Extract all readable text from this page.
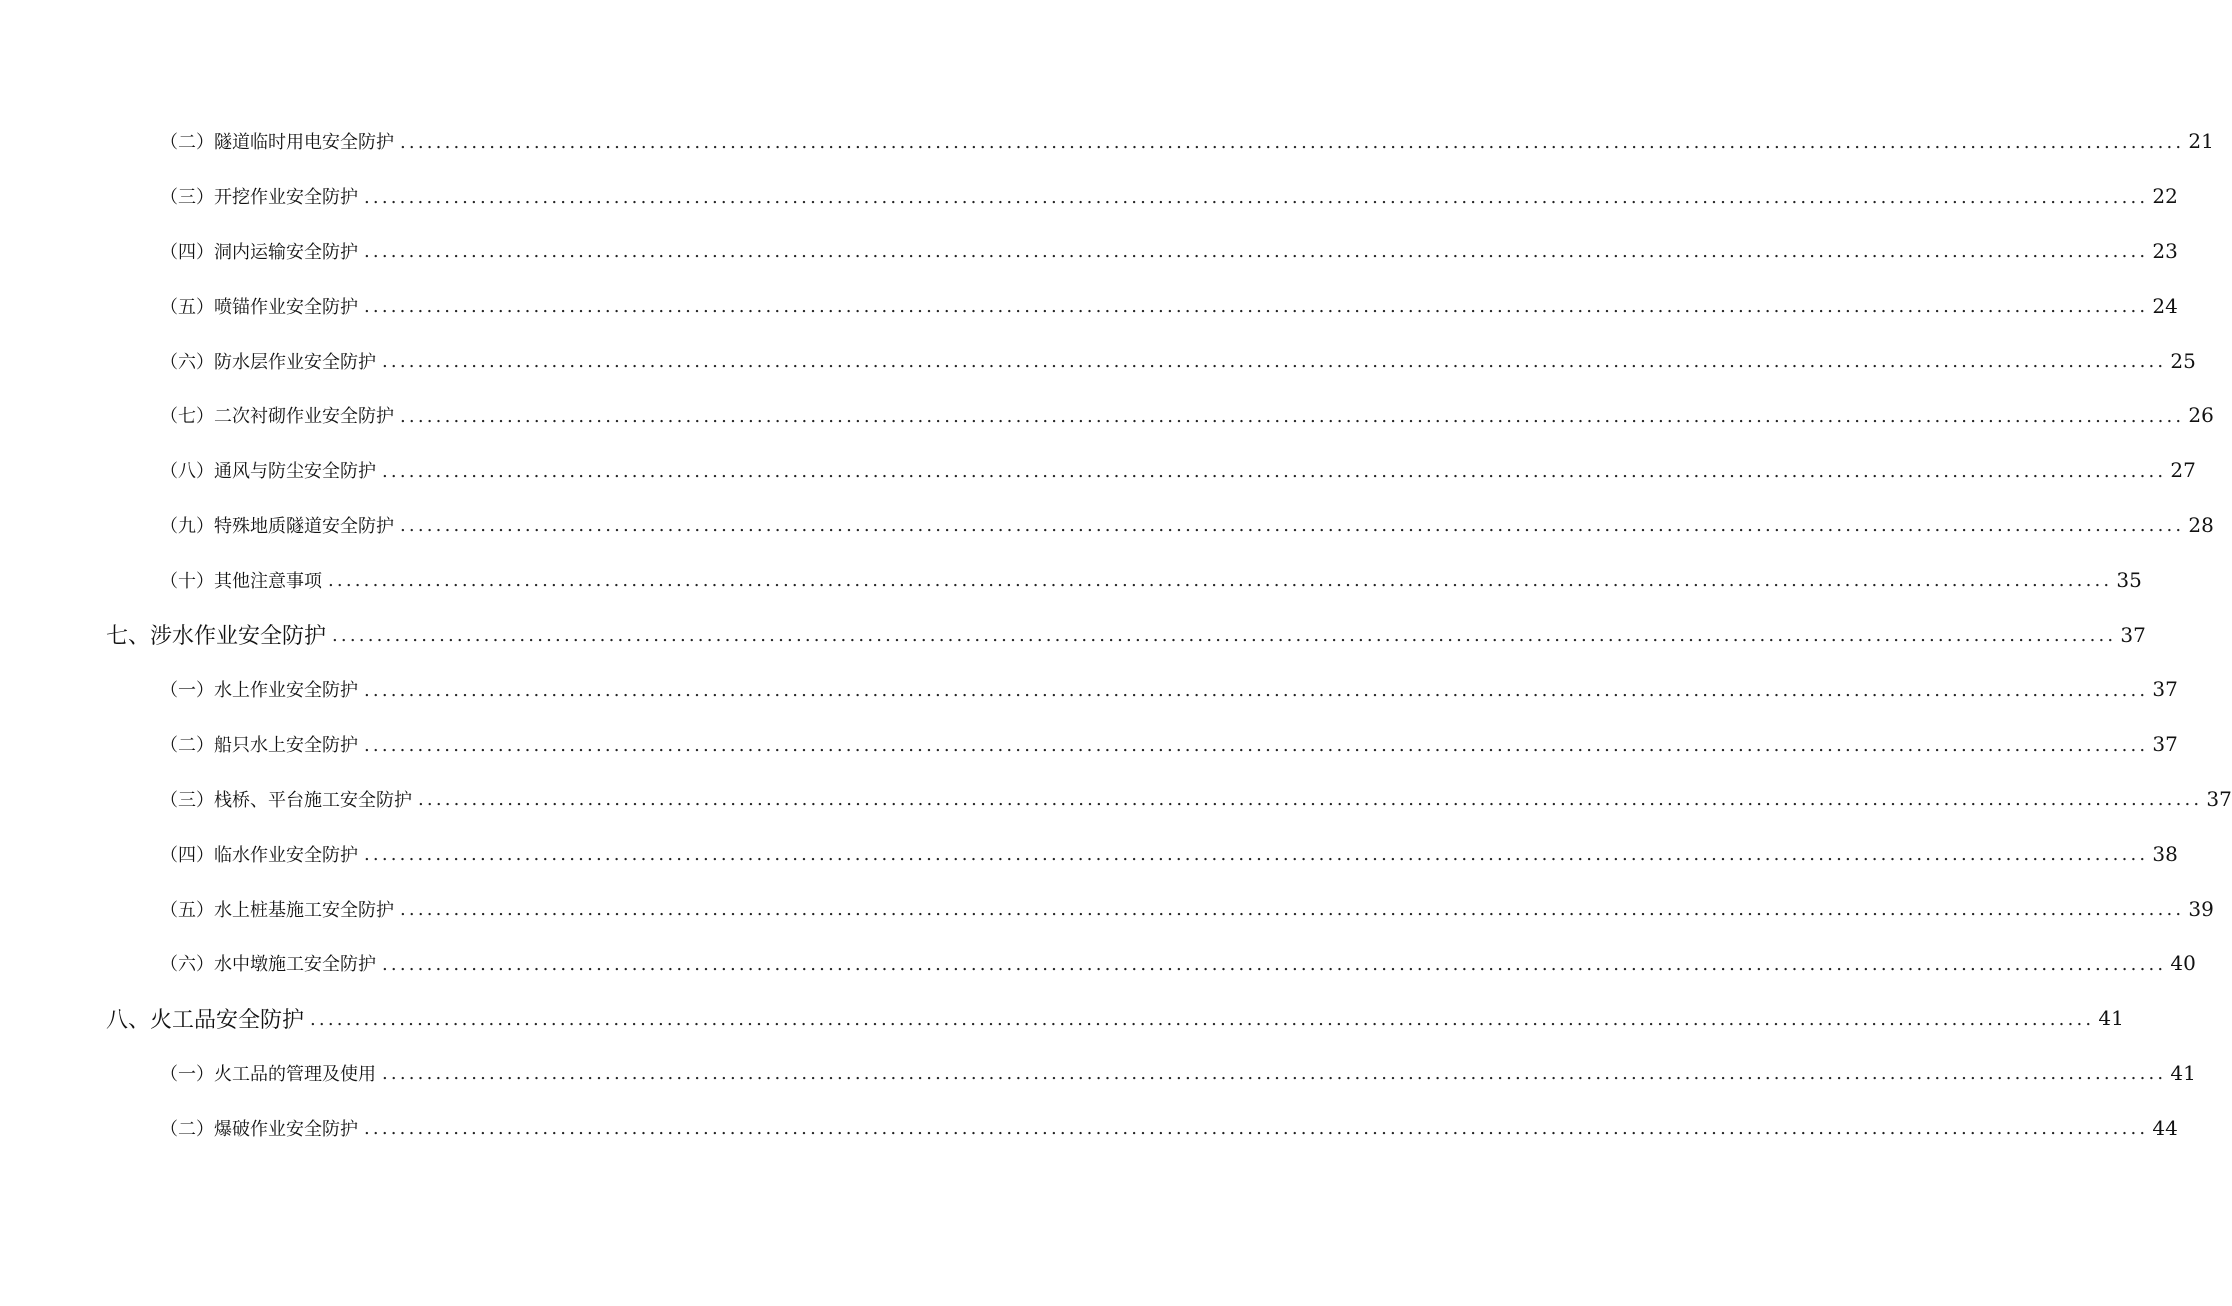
（二）隧道临时用电安全防护 ........................................................................................................................................................................................................ 21
（三）开挖作业安全防护 ........................................................................................................................................................................................................ 22
（四）洞内运输安全防护 ........................................................................................................................................................................................................ 23
（五）喷锚作业安全防护 ........................................................................................................................................................................................................ 24
（六）防水层作业安全防护 ........................................................................................................................................................................................................ 25
（七）二次衬砌作业安全防护 ........................................................................................................................................................................................................ 26
（八）通风与防尘安全防护 ........................................................................................................................................................................................................ 27
（九）特殊地质隧道安全防护 ........................................................................................................................................................................................................ 28
（十）其他注意事项 ........................................................................................................................................................................................................ 35
七、涉水作业安全防护 ........................................................................................................................................................................................................ 37
（一）水上作业安全防护 ........................................................................................................................................................................................................ 37
（二）船只水上安全防护 ........................................................................................................................................................................................................ 37
（三）栈桥、平台施工安全防护 ........................................................................................................................................................................................................ 37
（四）临水作业安全防护 ........................................................................................................................................................................................................ 38
（五）水上桩基施工安全防护 ........................................................................................................................................................................................................ 39
（六）水中墩施工安全防护 ........................................................................................................................................................................................................ 40
八、火工品安全防护 ........................................................................................................................................................................................................ 41
（一）火工品的管理及使用 ........................................................................................................................................................................................................ 41
（二）爆破作业安全防护 ........................................................................................................................................................................................................ 44
